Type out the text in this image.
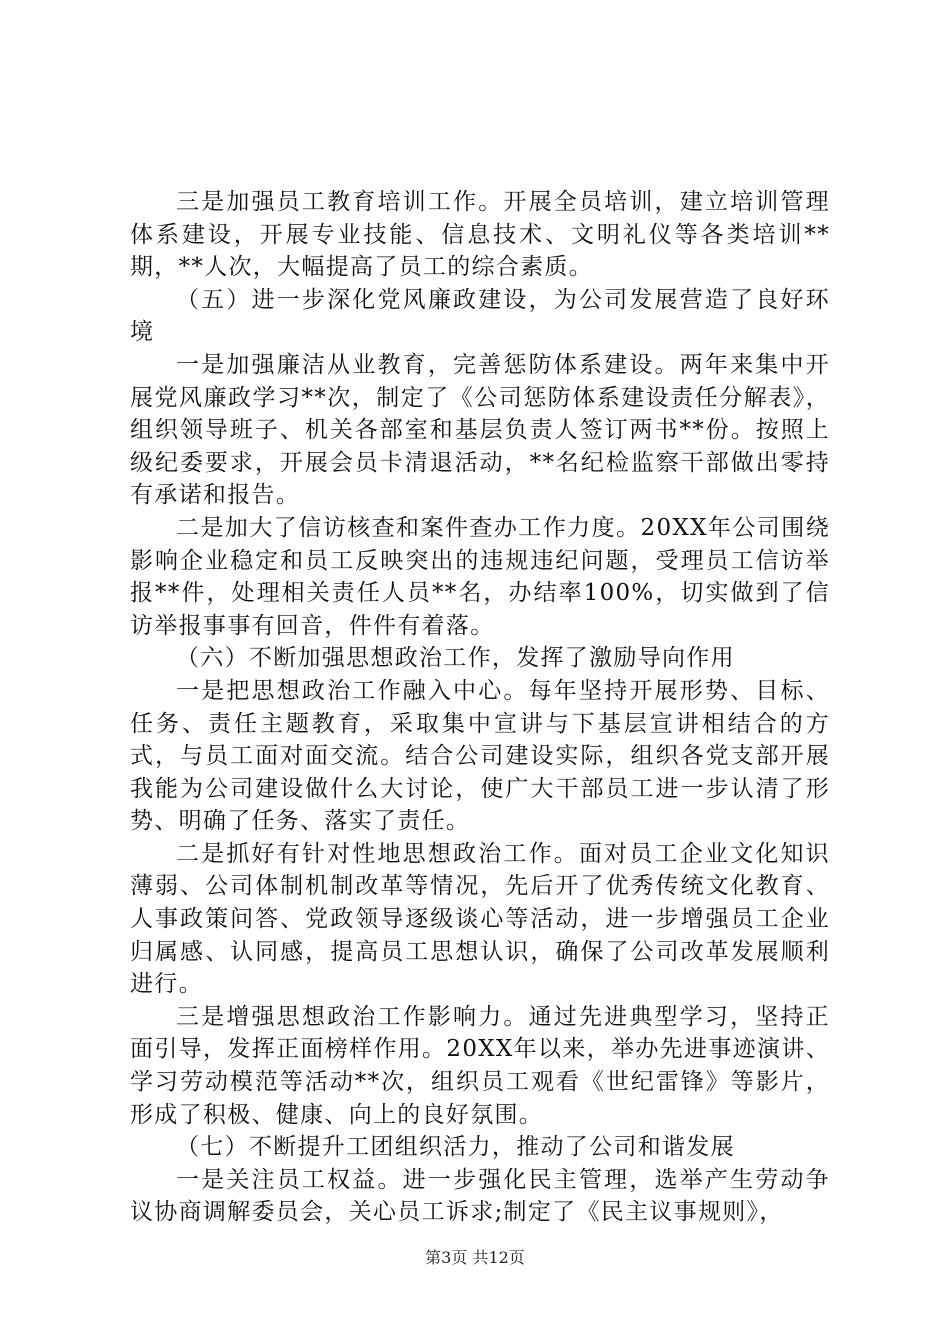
三是加强员工教育培训工作。开展全员培训，建立培训管理体系建设，开展专业技能、信息技术、文明礼仪等各类培训**期，**人次，大幅提高了员工的综合素质。

（五）进一步深化党风廉政建设，为公司发展营造了良好环境

一是加强廉洁从业教育，完善惩防体系建设。两年来集中开展党风廉政学习**次，制定了《公司惩防体系建设责任分解表》，组织领导班子、机关各部室和基层负责人签订两书**份。按照上级纪委要求，开展会员卡清退活动，**名纪检监察干部做出零持有承诺和报告。

二是加大了信访核查和案件查办工作力度。20XX年公司围绕影响企业稳定和员工反映突出的违规违纪问题，受理员工信访举报**件，处理相关责任人员**名，办结率100%，切实做到了信访举报事事有回音，件件有着落。

（六）不断加强思想政治工作，发挥了激励导向作用

一是把思想政治工作融入中心。每年坚持开展形势、目标、任务、责任主题教育，采取集中宣讲与下基层宣讲相结合的方式，与员工面对面交流。结合公司建设实际，组织各党支部开展我能为公司建设做什么大讨论，使广大干部员工进一步认清了形势、明确了任务、落实了责任。

二是抓好有针对性地思想政治工作。面对员工企业文化知识薄弱、公司体制机制改革等情况，先后开了优秀传统文化教育、人事政策问答、党政领导逐级谈心等活动，进一步增强员工企业归属感、认同感，提高员工思想认识，确保了公司改革发展顺利进行。

三是增强思想政治工作影响力。通过先进典型学习，坚持正面引导，发挥正面榜样作用。20XX年以来，举办先进事迹演讲、学习劳动模范等活动**次，组织员工观看《世纪雷锋》等影片，形成了积极、健康、向上的良好氛围。

（七）不断提升工团组织活力，推动了公司和谐发展

一是关注员工权益。进一步强化民主管理，选举产生劳动争议协商调解委员会，关心员工诉求;制定了《民主议事规则》，

第3页 共12页
